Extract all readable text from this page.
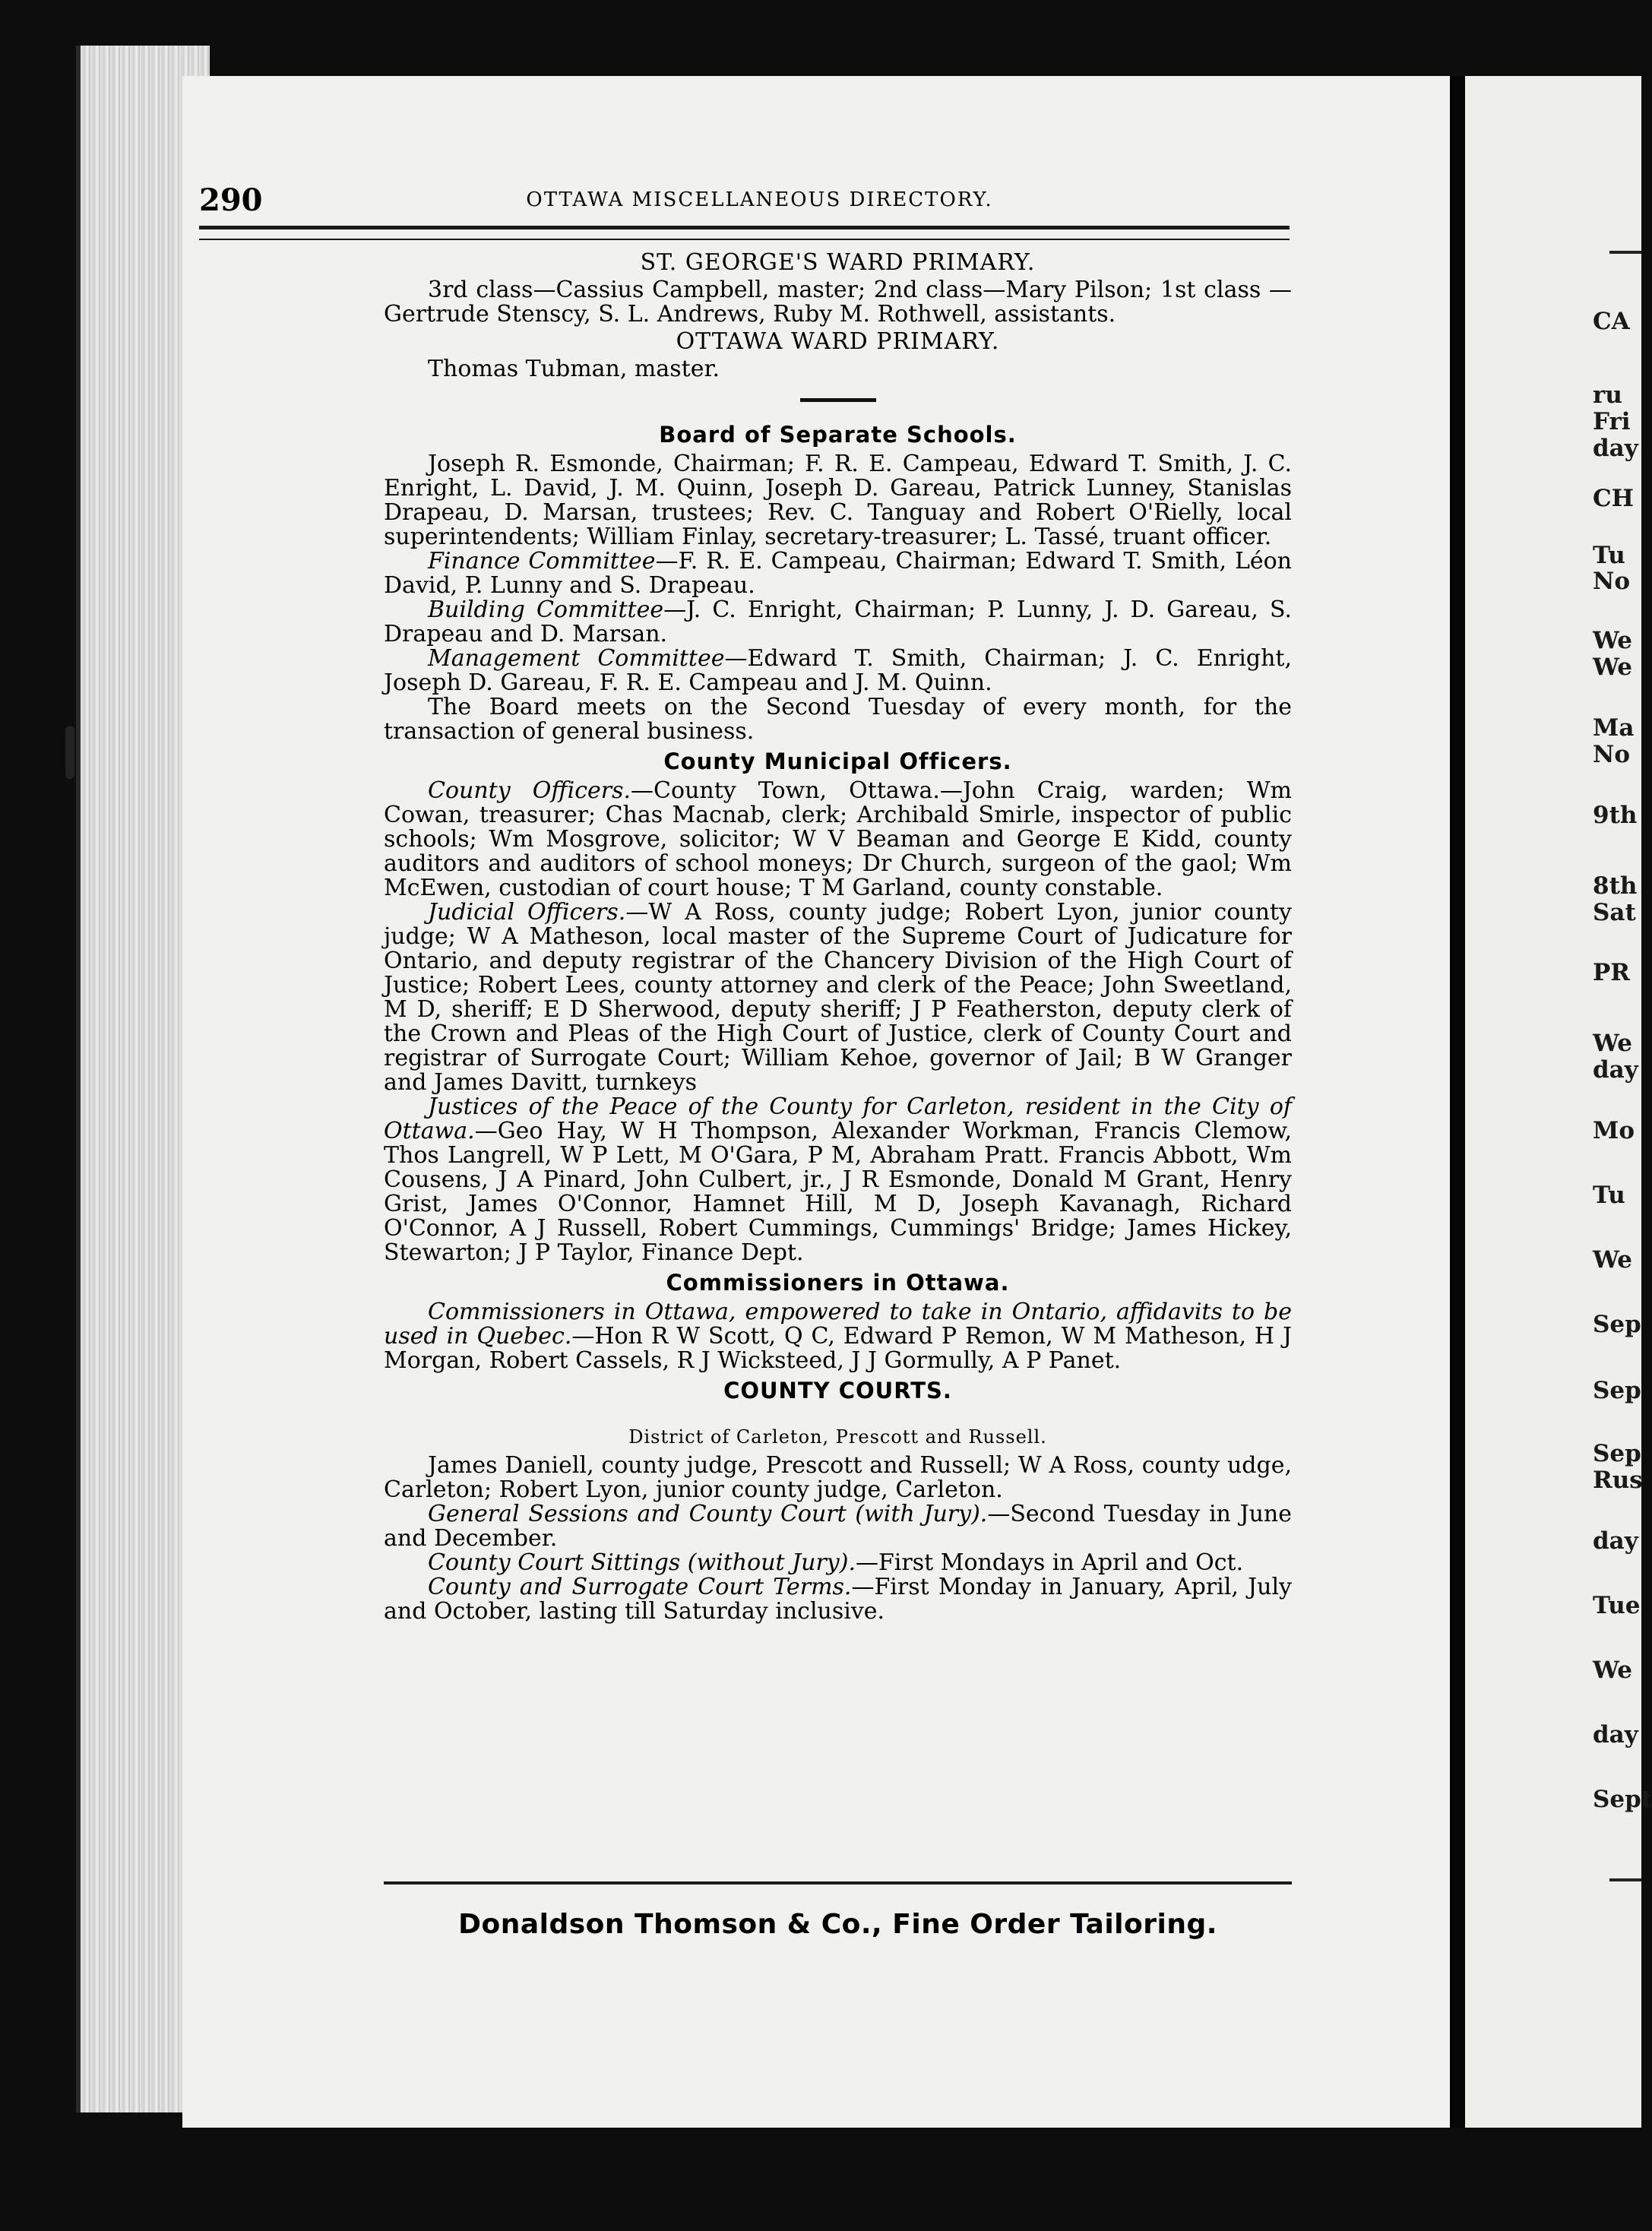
CA
ru
Fri
day
CH
Tu
No
We
We
Ma
No
9th
8th
Sat
PR
We
day
Mo
Tu
We
Sep
Sep
Sep
Rus
day
Tue
We
day
Sept
290	OTTAWA MISCELLANEOUS DIRECTORY.

ST. GEORGE'S WARD PRIMARY.

3rd class—Cassius Campbell, master; 2nd class—Mary Pilson; 1st class —Gertrude Stenscy, S. L. Andrews, Ruby M. Rothwell, assistants.

OTTAWA WARD PRIMARY.

Thomas Tubman, master.

Board of Separate Schools.

Joseph R. Esmonde, Chairman; F. R. E. Campeau, Edward T. Smith, J. C. Enright, L. David, J. M. Quinn, Joseph D. Gareau, Patrick Lunney, Stanislas Drapeau, D. Marsan, trustees; Rev. C. Tanguay and Robert O'Rielly, local superintendents; William Finlay, secretary-treasurer; L. Tassé, truant officer.

Finance Committee—F. R. E. Campeau, Chairman; Edward T. Smith, Léon David, P. Lunny and S. Drapeau.

Building Committee—J. C. Enright, Chairman; P. Lunny, J. D. Gareau, S. Drapeau and D. Marsan.

Management Committee—Edward T. Smith, Chairman; J. C. Enright, Joseph D. Gareau, F. R. E. Campeau and J. M. Quinn.

The Board meets on the Second Tuesday of every month, for the transaction of general business.

County Municipal Officers.

County Officers.—County Town, Ottawa.—John Craig, warden; Wm Cowan, treasurer; Chas Macnab, clerk; Archibald Smirle, inspector of public schools; Wm Mosgrove, solicitor; W V Beaman and George E Kidd, county auditors and auditors of school moneys; Dr Church, surgeon of the gaol; Wm McEwen, custodian of court house; T M Garland, county constable.

Judicial Officers.—W A Ross, county judge; Robert Lyon, junior county judge; W A Matheson, local master of the Supreme Court of Judicature for Ontario, and deputy registrar of the Chancery Division of the High Court of Justice; Robert Lees, county attorney and clerk of the Peace; John Sweetland, M D, sheriff; E D Sherwood, deputy sheriff; J P Featherston, deputy clerk of the Crown and Pleas of the High Court of Justice, clerk of County Court and registrar of Surrogate Court; William Kehoe, governor of Jail; B W Granger and James Davitt, turnkeys

Justices of the Peace of the County for Carleton, resident in the City of Ottawa.—Geo Hay, W H Thompson, Alexander Workman, Francis Clemow, Thos Langrell, W P Lett, M O'Gara, P M, Abraham Pratt. Francis Abbott, Wm Cousens, J A Pinard, John Culbert, jr., J R Esmonde, Donald M Grant, Henry Grist, James O'Connor, Hamnet Hill, M D, Joseph Kavanagh, Richard O'Connor, A J Russell, Robert Cummings, Cummings' Bridge; James Hickey, Stewarton; J P Taylor, Finance Dept.

Commissioners in Ottawa.

Commissioners in Ottawa, empowered to take in Ontario, affidavits to be used in Quebec.—Hon R W Scott, Q C, Edward P Remon, W M Matheson, H J Morgan, Robert Cassels, R J Wicksteed, J J Gormully, A P Panet.

COUNTY COURTS.

District of Carleton, Prescott and Russell.

James Daniell, county judge, Prescott and Russell; W A Ross, county udge, Carleton; Robert Lyon, junior county judge, Carleton.

General Sessions and County Court (with Jury).—Second Tuesday in June and December.

County Court Sittings (without Jury).—First Mondays in April and Oct.

County and Surrogate Court Terms.—First Monday in January, April, July and October, lasting till Saturday inclusive.

Donaldson Thomson & Co., Fine Order Tailoring.
